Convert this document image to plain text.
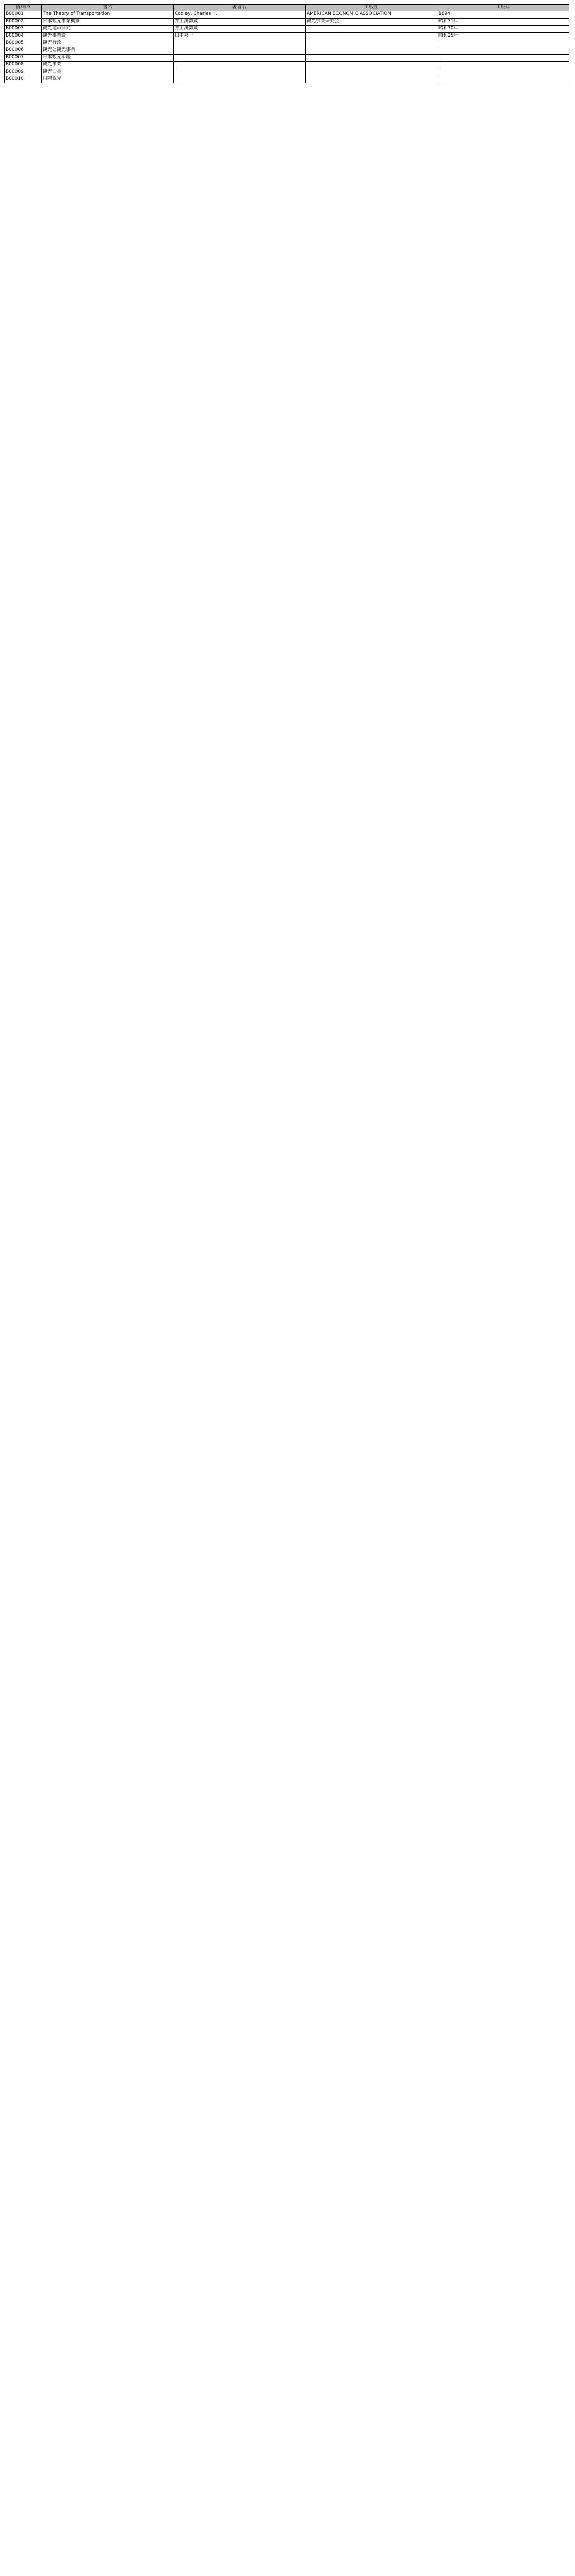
資料ID	書名	著者名	出版社	出版年
B00001	The Theory of Transportation	Cooley, Charles H.	AMERICAN ECONOMIC ASSOCIATION	1894
B00002	日本観光事業概論	井上萬壽蔵	観光事業研究会	昭和31年
B00003	観光地の開発	井上萬壽蔵		昭和30年
B00004	観光事業論	田中喜一		昭和25年
B00005	観光行政			
B00006	観光と観光事業			
B00007	日本観光年鑑			
B00008	観光事業			
B00009	観光白書			
B00010	国際観光			
